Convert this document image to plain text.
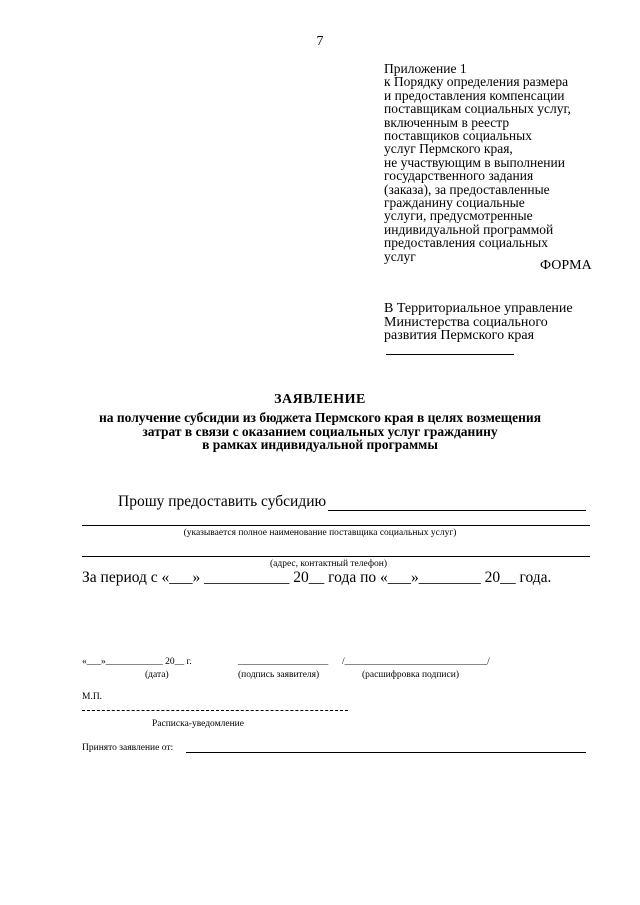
7
Приложение 1
к Порядку определения размера
и предоставления компенсации
поставщикам социальных услуг,
включенным в реестр
поставщиков социальных
услуг Пермского края,
не участвующим в выполнении
государственного задания
(заказа), за предоставленные
гражданину социальные
услуги, предусмотренные
индивидуальной программой
предоставления социальных
услуг
ФОРМА
В Территориальное управление
Министерства социального
развития Пермского края
ЗАЯВЛЕНИЕ
на получение субсидии из бюджета Пермского края в целях возмещения
затрат в связи с оказанием социальных услуг гражданину
в рамках индивидуальной программы
Прошу предоставить субсидию
(указывается полное наименование поставщика социальных услуг)
(адрес, контактный телефон)
За период с «___» ___________ 20__ года по «___»________ 20__ года.
«___»____________ 20__ г.	___________________ /______________________________/
(дата)	(подпись заявителя)	(расшифровка подписи)
М.П.
Расписка-уведомление
Принято заявление от:
